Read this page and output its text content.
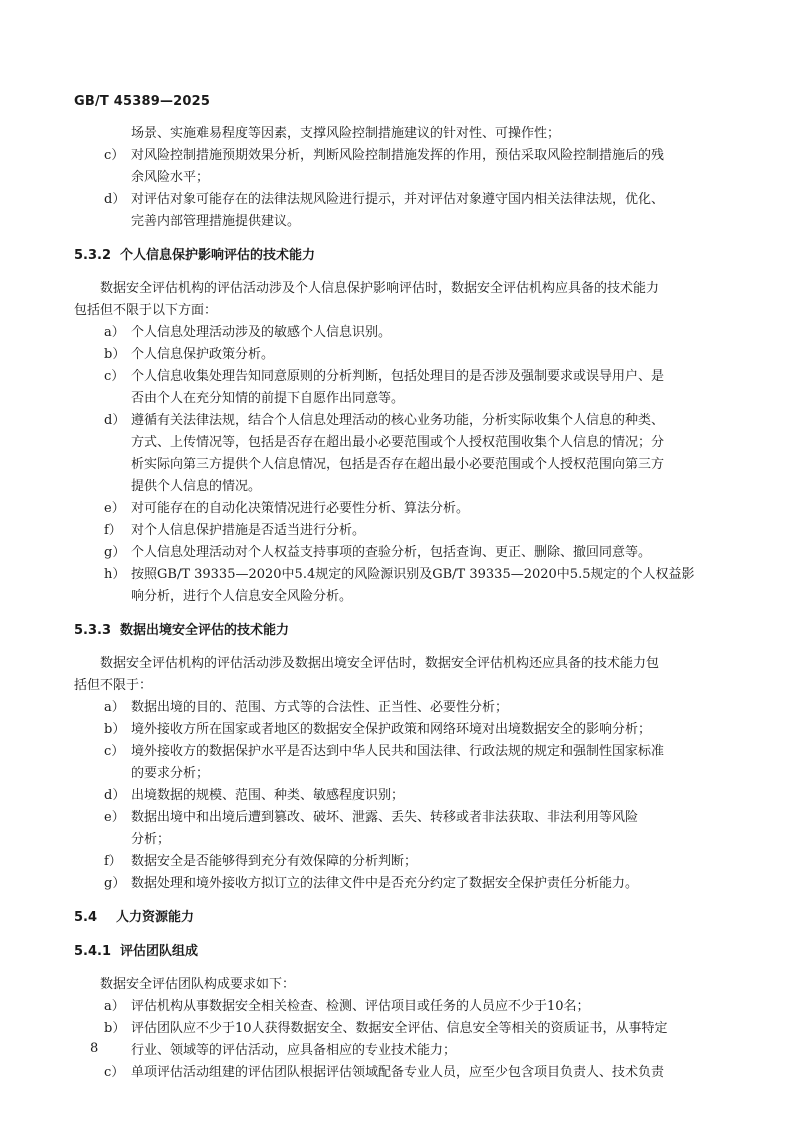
GB/T 45389—2025
场景、实施难易程度等因素，支撑风险控制措施建议的针对性、可操作性；
c） 对风险控制措施预期效果分析，判断风险控制措施发挥的作用，预估采取风险控制措施后的残
余风险水平；
d） 对评估对象可能存在的法律法规风险进行提示，并对评估对象遵守国内相关法律法规，优化、
完善内部管理措施提供建议。
5.3.2 个人信息保护影响评估的技术能力
数据安全评估机构的评估活动涉及个人信息保护影响评估时，数据安全评估机构应具备的技术能力
包括但不限于以下方面：
a） 个人信息处理活动涉及的敏感个人信息识别。
b） 个人信息保护政策分析。
c） 个人信息收集处理告知同意原则的分析判断，包括处理目的是否涉及强制要求或误导用户、是
否由个人在充分知情的前提下自愿作出同意等。
d） 遵循有关法律法规，结合个人信息处理活动的核心业务功能，分析实际收集个人信息的种类、
方式、上传情况等，包括是否存在超出最小必要范围或个人授权范围收集个人信息的情况；分
析实际向第三方提供个人信息情况，包括是否存在超出最小必要范围或个人授权范围向第三方
提供个人信息的情况。
e） 对可能存在的自动化决策情况进行必要性分析、算法分析。
f） 对个人信息保护措施是否适当进行分析。
g） 个人信息处理活动对个人权益支持事项的查验分析，包括查询、更正、删除、撤回同意等。
h） 按照GB/T 39335—2020中5.4规定的风险源识别及GB/T 39335—2020中5.5规定的个人权益影
响分析，进行个人信息安全风险分析。
5.3.3 数据出境安全评估的技术能力
数据安全评估机构的评估活动涉及数据出境安全评估时，数据安全评估机构还应具备的技术能力包
括但不限于：
a） 数据出境的目的、范围、方式等的合法性、正当性、必要性分析；
b） 境外接收方所在国家或者地区的数据安全保护政策和网络环境对出境数据安全的影响分析；
c） 境外接收方的数据保护水平是否达到中华人民共和国法律、行政法规的规定和强制性国家标准
的要求分析；
d） 出境数据的规模、范围、种类、敏感程度识别；
e） 数据出境中和出境后遭到篡改、破坏、泄露、丢失、转移或者非法获取、非法利用等风险
分析；
f） 数据安全是否能够得到充分有效保障的分析判断；
g） 数据处理和境外接收方拟订立的法律文件中是否充分约定了数据安全保护责任分析能力。
5.4	人力资源能力
5.4.1 评估团队组成
数据安全评估团队构成要求如下：
a） 评估机构从事数据安全相关检查、检测、评估项目或任务的人员应不少于10名；
b） 评估团队应不少于10人获得数据安全、数据安全评估、信息安全等相关的资质证书，从事特定
行业、领域等的评估活动，应具备相应的专业技术能力；
c） 单项评估活动组建的评估团队根据评估领域配备专业人员，应至少包含项目负责人、技术负责
8
